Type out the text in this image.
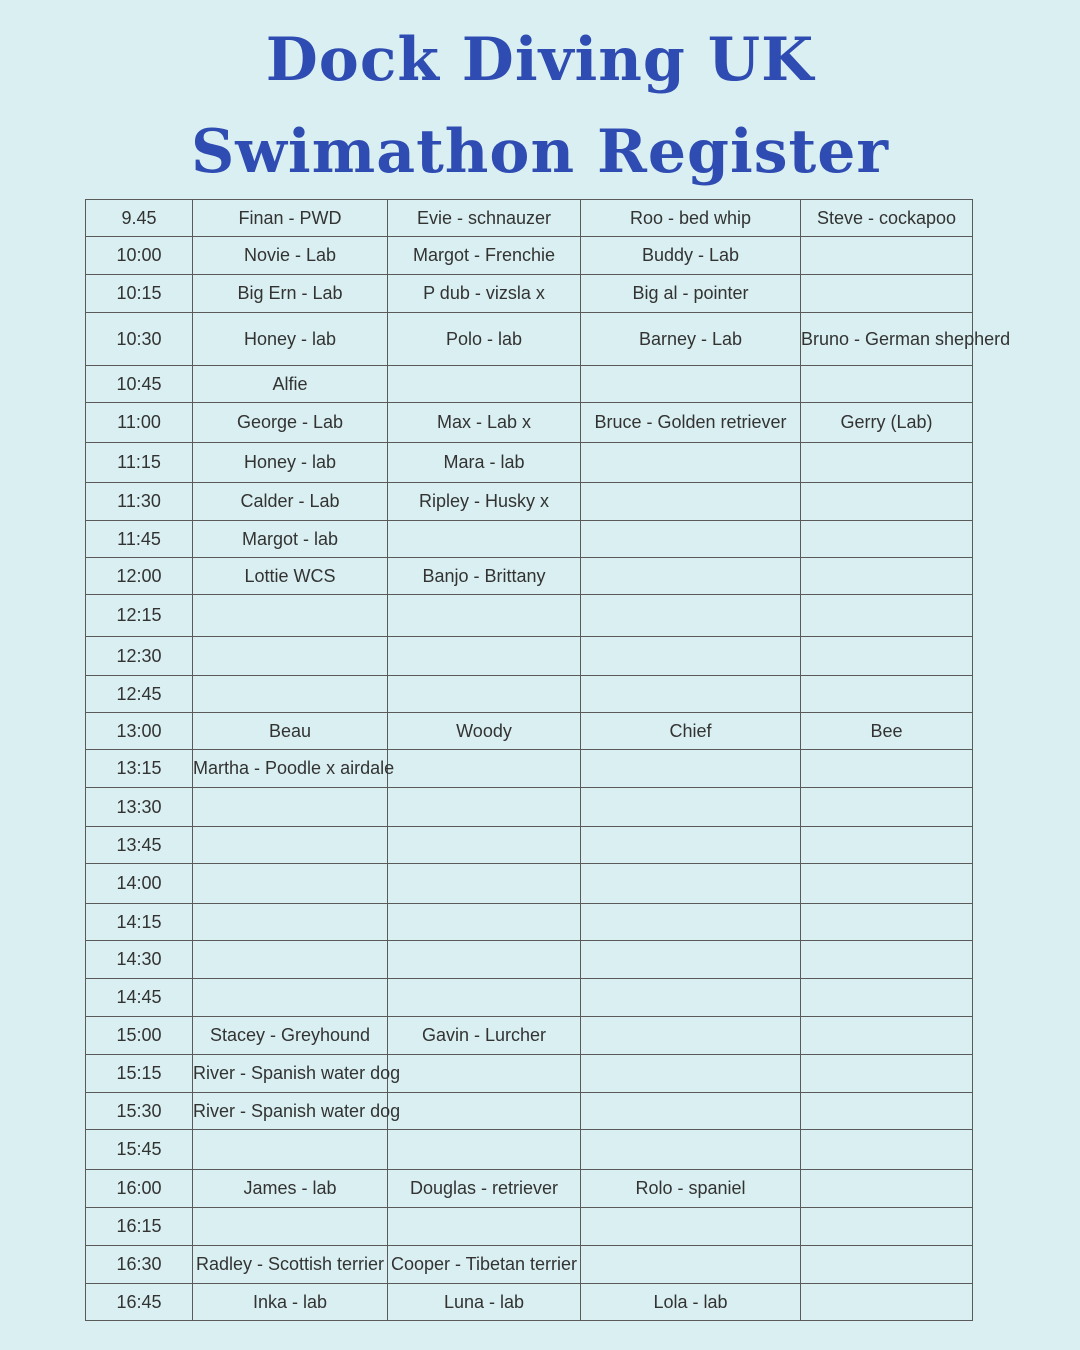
Dock Diving UK
Swimathon Register
9.45	Finan - PWD	Evie - schnauzer	Roo - bed whip	Steve - cockapoo
10:00	Novie - Lab	Margot - Frenchie	Buddy - Lab	
10:15	Big Ern - Lab	P dub - vizsla x	Big al - pointer	
10:30	Honey - lab	Polo - lab	Barney - Lab	Bruno - German shepherd
10:45	Alfie			
11:00	George - Lab	Max - Lab x	Bruce - Golden retriever	Gerry (Lab)
11:15	Honey - lab	Mara - lab		
11:30	Calder - Lab	Ripley - Husky x		
11:45	Margot - lab			
12:00	Lottie WCS	Banjo - Brittany		
12:15				
12:30				
12:45				
13:00	Beau	Woody	Chief	Bee
13:15	Martha - Poodle x airdale			
13:30				
13:45				
14:00				
14:15				
14:30				
14:45				
15:00	Stacey - Greyhound	Gavin - Lurcher		
15:15	River - Spanish water dog			
15:30	River - Spanish water dog			
15:45				
16:00	James - lab	Douglas - retriever	Rolo - spaniel	
16:15				
16:30	Radley - Scottish terrier	Cooper - Tibetan terrier		
16:45	Inka - lab	Luna - lab	Lola - lab	
